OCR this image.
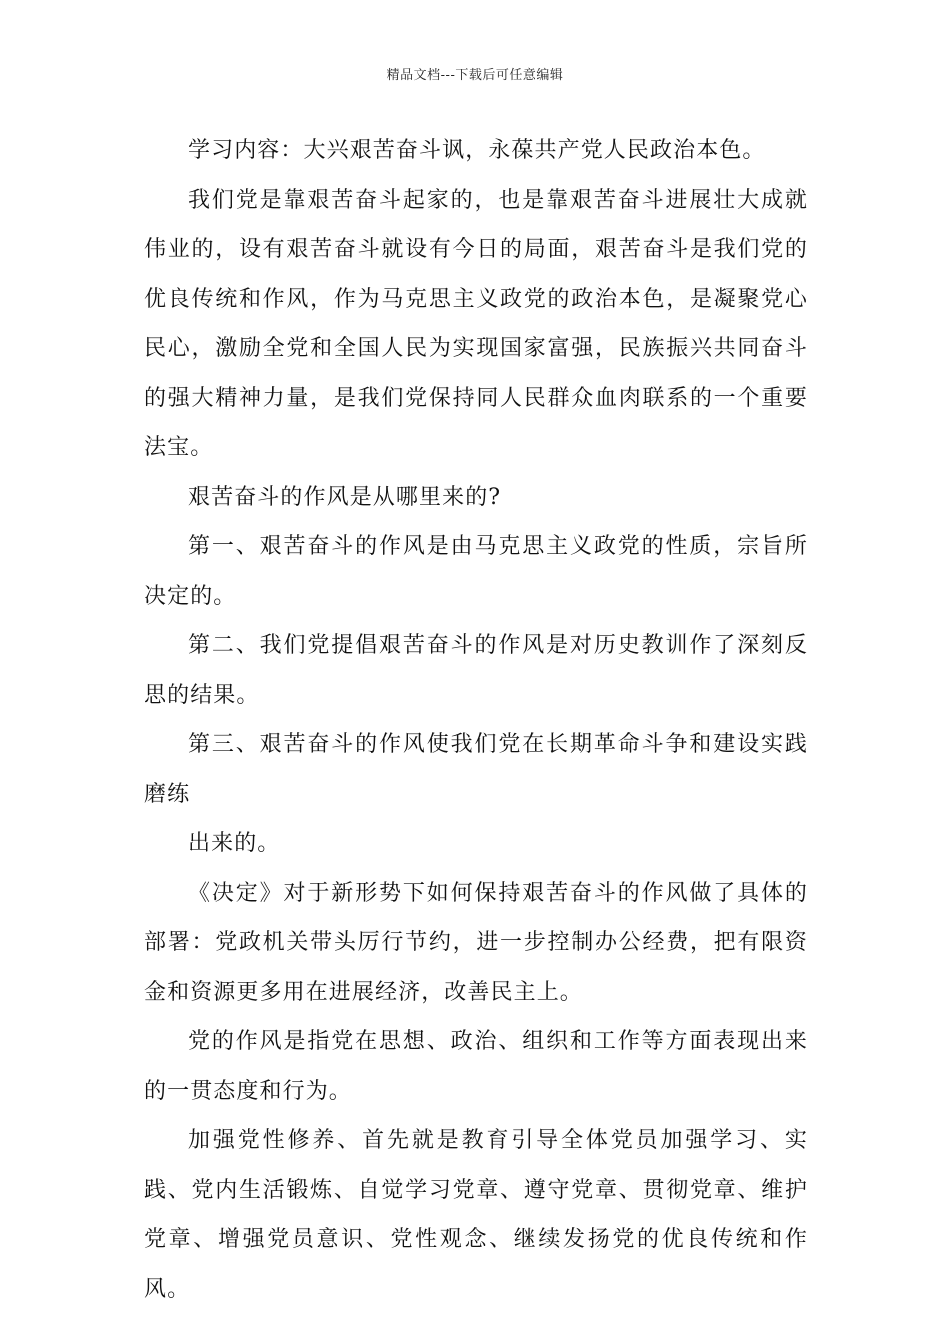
精品文档---下载后可任意编辑

学习内容：大兴艰苦奋斗讽，永葆共产党人民政治本色。

我们党是靠艰苦奋斗起家的，也是靠艰苦奋斗进展壮大成就伟业的，设有艰苦奋斗就设有今日的局面，艰苦奋斗是我们党的优良传统和作风，作为马克思主义政党的政治本色，是凝聚党心民心，激励全党和全国人民为实现国家富强，民族振兴共同奋斗的强大精神力量，是我们党保持同人民群众血肉联系的一个重要法宝。

艰苦奋斗的作风是从哪里来的?

第一、艰苦奋斗的作风是由马克思主义政党的性质，宗旨所决定的。

第二、我们党提倡艰苦奋斗的作风是对历史教训作了深刻反思的结果。

第三、艰苦奋斗的作风使我们党在长期革命斗争和建设实践磨练

出来的。

《决定》对于新形势下如何保持艰苦奋斗的作风做了具体的部署：党政机关带头厉行节约，进一步控制办公经费，把有限资金和资源更多用在进展经济，改善民主上。

党的作风是指党在思想、政治、组织和工作等方面表现出来的一贯态度和行为。

加强党性修养、首先就是教育引导全体党员加强学习、实践、党内生活锻炼、自觉学习党章、遵守党章、贯彻党章、维护党章、增强党员意识、党性观念、继续发扬党的优良传统和作风。
